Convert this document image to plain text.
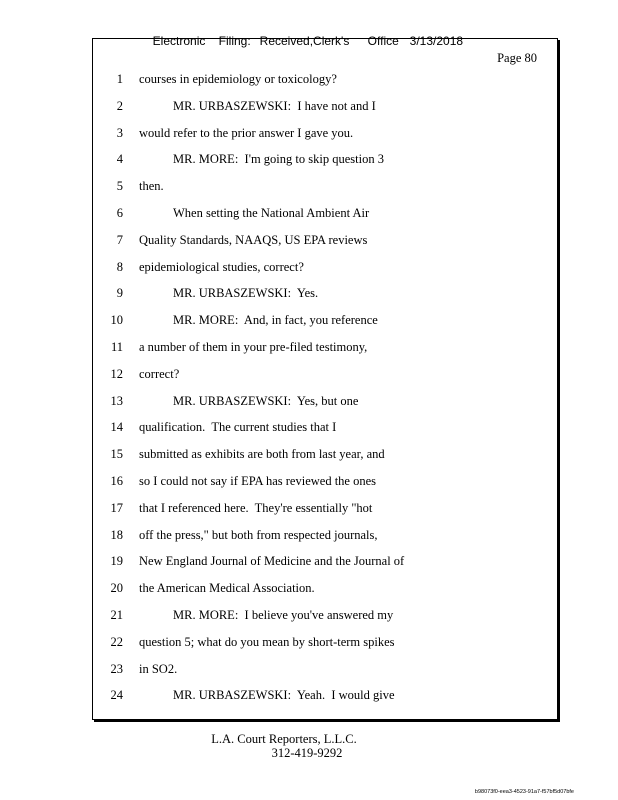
Electronic Filing: Received,Clerk's Office 3/13/2018

Page 80
1 courses in epidemiology or toxicology?
2	MR. URBASZEWSKI:  I have not and I
3 would refer to the prior answer I gave you.
4	MR. MORE:  I'm going to skip question 3
5 then.
6	When setting the National Ambient Air
7 Quality Standards, NAAQS, US EPA reviews
8 epidemiological studies, correct?
9	MR. URBASZEWSKI:  Yes.
10	MR. MORE:  And, in fact, you reference
11 a number of them in your pre-filed testimony,
12 correct?
13	MR. URBASZEWSKI:  Yes, but one
14 qualification.  The current studies that I
15 submitted as exhibits are both from last year, and
16 so I could not say if EPA has reviewed the ones
17 that I referenced here.  They're essentially "hot
18 off the press," but both from respected journals,
19 New England Journal of Medicine and the Journal of
20 the American Medical Association.
21	MR. MORE:  I believe you've answered my
22 question 5; what do you mean by short-term spikes
23 in SO2.
24	MR. URBASZEWSKI:  Yeah.  I would give
L.A. Court Reporters, L.L.C.
312-419-9292
b98073f0-eea3-4523-91a7-f57bf5d07bfe
